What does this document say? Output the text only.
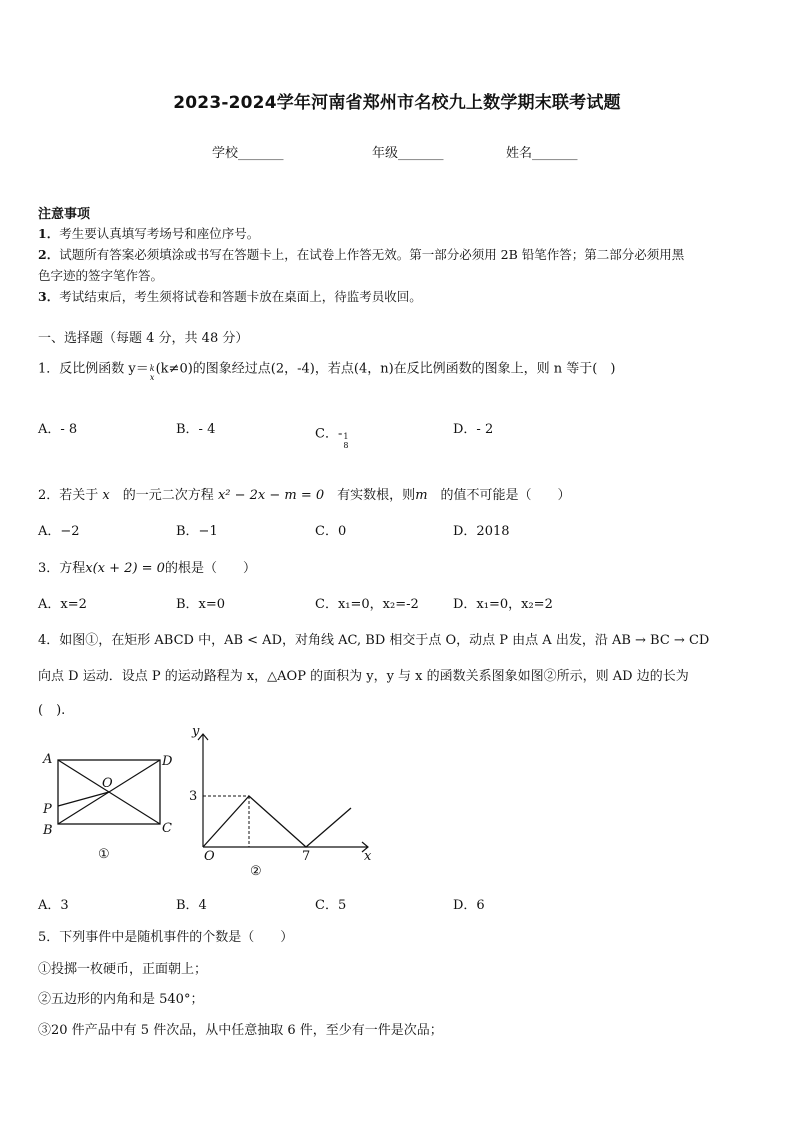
2023-2024学年河南省郑州市名校九上数学期末联考试题
学校_______	年级_______	姓名_______
注意事项
1．考生要认真填写考场号和座位序号。
2．试题所有答案必须填涂或书写在答题卡上，在试卷上作答无效。第一部分必须用 2B 铅笔作答；第二部分必须用黑
色字迹的签字笔作答。
3．考试结束后，考生须将试卷和答题卡放在桌面上，待监考员收回。
一、选择题（每题 4 分，共 48 分）
1．反比例函数 y＝ k
x
(k≠0)的图象经过点(2，-4)，若点(4，n)在反比例函数的图象上，则 n 等于(　)
A．- 8	B．- 4	C．- 1
8
D．- 2
2．若关于 x　 的一元二次方程 x² − 2x − m = 0　 有实数根，则m　 的值不可能是（　　）
A．−2	B．−1	C．0	D．2018
3．方程x(x + 2) = 0的根是（　　）
A．x=2	B．x=0	C．x₁=0，x₂=-2	D．x₁=0，x₂=2
4．如图①，在矩形 ABCD 中，AB < AD，对角线 AC, BD 相交于点 O，动点 P 由点 A 出发，沿 AB → BC → CD
向点 D 运动．设点 P 的运动路程为 x，△AOP 的面积为 y，y 与 x 的函数关系图象如图②所示，则 AD 边的长为
(　).
A
B	C
D
O
P
①
y
x
O
3
7
②
A．3	B．4	C．5	D．6
5．下列事件中是随机事件的个数是（　　）
①投掷一枚硬币，正面朝上；
②五边形的内角和是 540°；
③20 件产品中有 5 件次品，从中任意抽取 6 件，至少有一件是次品；
